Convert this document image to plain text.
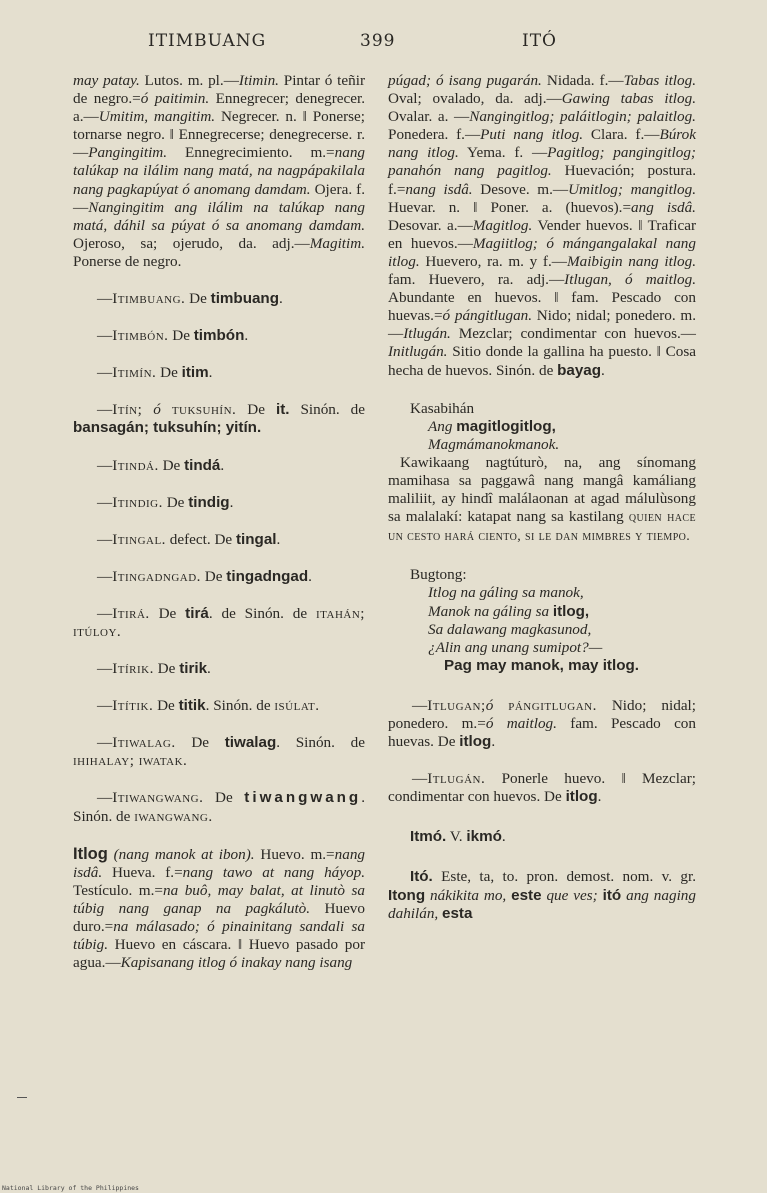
ITIMBUANG	399	ITÓ

may patay. Lutos. m. pl.—Itimin. Pintar ó teñir de negro.=ó paitimin. Ennegrecer; denegrecer. a.—Umitim, mangitim. Negrecer. n. ‖ Ponerse; tornarse negro. ‖ Ennegrecerse; denegrecerse. r.—Pangingitim. Ennegrecimiento. m.=nang talúkap na ilálim nang matá, na nagpápakilala nang pagkapúyat ó anomang damdam. Ojera. f.—Nangingitim ang ilálim na talúkap nang matá, dáhil sa púyat ó sa anomang damdam. Ojeroso, sa; ojerudo, da. adj.—Magitim. Ponerse de negro.

—Itimbuang. De timbuang.

—Itimbón. De timbón.

—Itimín. De itim.

—Itín; ó tuksuhín. De it. Sinón. de bansagán; tuksuhín; yitín.

—Itindá. De tindá.

—Itindig. De tindig.

—Itingal. defect. De tingal.

—Itingadngad. De tingadngad.

—Itirá. De tirá. de Sinón. de itahán; itúloy.

—Itírik. De tirik.

—Itítik. De titik. Sinón. de isúlat.

—Itiwalag. De tiwalag. Sinón. de ihihalay; iwatak.

—Itiwangwang. De tiwangwang. Sinón. de iwangwang.

Itlog (nang manok at ibon). Huevo. m.=nang isdâ. Hueva. f.=nang tawo at nang háyop. Testículo. m.=na buô, may balat, at linutò sa túbig nang ganap na pagkálutò. Huevo duro.=na málasado; ó pinainitang sandali sa túbig. Huevo en cáscara. ‖ Huevo pasado por agua.—Kapisanang itlog ó inakay nang isang

púgad; ó isang pugarán. Nidada. f.—Tabas itlog. Oval; ovalado, da. adj.—Gawing tabas itlog. Ovalar. a. —Nangingitlog; paláitlogin; palaitlog. Ponedera. f.—Puti nang itlog. Clara. f.—Búrok nang itlog. Yema. f. —Pagitlog; pangingitlog; panahón nang pagitlog. Huevación; postura. f.=nang isdâ. Desove. m.—Umitlog; mangitlog. Huevar. n. ‖ Poner. a. (huevos).=ang isdâ. Desovar. a.—Magitlog. Vender huevos. ‖ Traficar en huevos.—Magiitlog; ó mángangalakal nang itlog. Huevero, ra. m. y f.—Maibigin nang itlog. fam. Huevero, ra. adj.—Itlugan, ó maitlog. Abundante en huevos. ‖ fam. Pescado con huevas.=ó pángitlugan. Nido; nidal; ponedero. m.—Itlugán. Mezclar; condimentar con huevos.—Initlugán. Sitio donde la gallina ha puesto. ‖ Cosa hecha de huevos. Sinón. de bayag.

Kasabihán

Ang magitlogitlog,

Magmámanokmanok.

Kawikaang nagtúturò, na, ang sínomang mamihasa sa paggawâ nang mangâ kamáliang maliliit, ay hindî malálaonan at agad málulùsong sa malalakí: katapat nang sa kastilang quien hace un cesto hará ciento, si le dan mimbres y tiempo.

Bugtong:

Itlog na gáling sa manok,

Manok na gáling sa itlog,

Sa dalawang magkasunod,

¿Alin ang unang sumipot?—

Pag may manok, may itlog.

—Itlugan;ó pángitlugan. Nido; nidal; ponedero. m.=ó maitlog. fam. Pescado con huevas. De itlog.

—Itlugán. Ponerle huevo. ‖ Mezclar; condimentar con huevos. De itlog.

Itmó. V. ikmó.

Itó. Este, ta, to. pron. demost. nom. v. gr. Itong nákikita mo, este que ves; itó ang naging dahilán, esta

National Library of the Philippines
